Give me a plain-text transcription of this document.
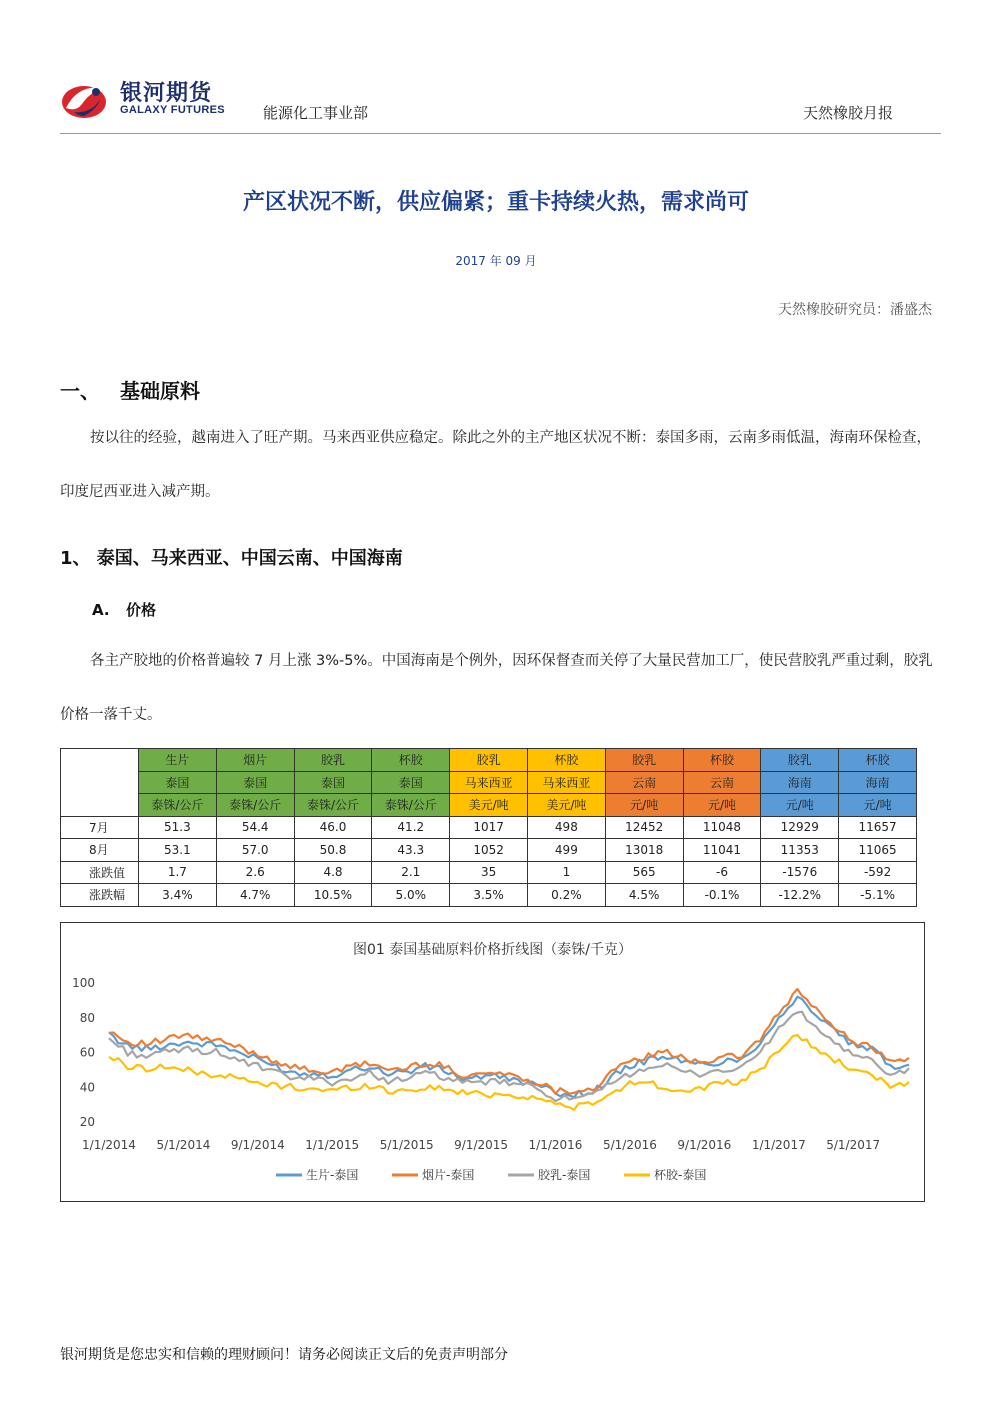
银河期货
GALAXY FUTURES	能源化工事业部	天然橡胶月报
产区状况不断，供应偏紧；重卡持续火热，需求尚可
2017 年 09 月
天然橡胶研究员：潘盛杰
一、 基础原料
按以往的经验，越南进入了旺产期。马来西亚供应稳定。除此之外的主产地区状况不断：泰国多雨，云南多雨低温，海南环保检查，印度尼西亚进入减产期。
1、 泰国、马来西亚、中国云南、中国海南
A. 价格
各主产胶地的价格普遍较 7 月上涨 3%-5%。中国海南是个例外，因环保督查而关停了大量民营加工厂，使民营胶乳严重过剩，胶乳价格一落千丈。
	生片	烟片	胶乳	杯胶	胶乳	杯胶	胶乳	杯胶	胶乳	杯胶
	泰国	泰国	泰国	泰国	马来西亚	马来西亚	云南	云南	海南	海南
	泰铢/公斤	泰铢/公斤	泰铢/公斤	泰铢/公斤	美元/吨	美元/吨	元/吨	元/吨	元/吨	元/吨
7月	51.3	54.4	46.0	41.2	1017	498	12452	11048	12929	11657
8月	53.1	57.0	50.8	43.3	1052	499	13018	11041	11353	11065
涨跌值	1.7	2.6	4.8	2.1	35	1	565	-6	-1576	-592
涨跌幅	3.4%	4.7%	10.5%	5.0%	3.5%	0.2%	4.5%	-0.1%	-12.2%	-5.1%
图01 泰国基础原料价格折线图（泰铢/千克）
20
40
60
80
100
1/1/2014 5/1/2014 9/1/2014 1/1/2015 5/1/2015 9/1/2015 1/1/2016 5/1/2016 9/1/2016 1/1/2017 5/1/2017
生片-泰国	烟片-泰国	胶乳-泰国	杯胶-泰国
银河期货是您忠实和信赖的理财顾问！请务必阅读正文后的免责声明部分
